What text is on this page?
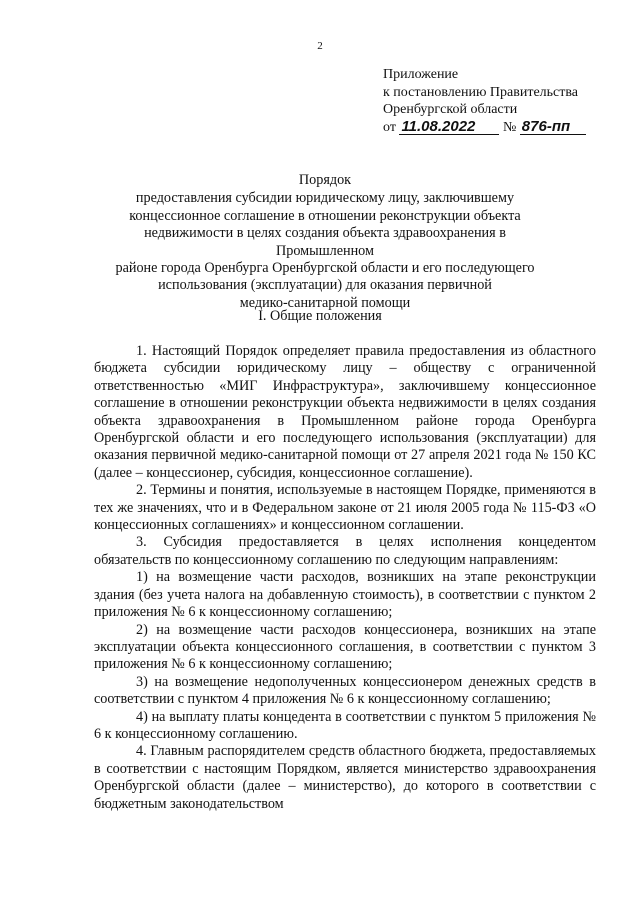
2
Приложение
к постановлению Правительства
Оренбургской области
от 11.08.2022 № 876-пп
Порядок
предоставления субсидии юридическому лицу, заключившему
концессионное соглашение в отношении реконструкции объекта
недвижимости в целях создания объекта здравоохранения в Промышленном
районе города Оренбурга Оренбургской области и его последующего
использования (эксплуатации) для оказания первичной
медико-санитарной помощи
I. Общие положения

1. Настоящий Порядок определяет правила предоставления из областного бюджета субсидии юридическому лицу – обществу с ограниченной ответственностью «МИГ Инфраструктура», заключившему концессионное соглашение в отношении реконструкции объекта недвижимости в целях создания объекта здравоохранения в Промышленном районе города Оренбурга Оренбургской области и его последующего использования (эксплуатации) для оказания первичной медико-санитарной помощи от 27 апреля 2021 года № 150 КС (далее – концессионер, субсидия, концессионное соглашение).

2. Термины и понятия, используемые в настоящем Порядке, применяются в тех же значениях, что и в Федеральном законе от 21 июля 2005 года № 115-ФЗ «О концессионных соглашениях» и концессионном соглашении.

3. Субсидия предоставляется в целях исполнения концедентом обязательств по концессионному соглашению по следующим направлениям:

1) на возмещение части расходов, возникших на этапе реконструкции здания (без учета налога на добавленную стоимость), в соответствии с пунктом 2 приложения № 6 к концессионному соглашению;

2) на возмещение части расходов концессионера, возникших на этапе эксплуатации объекта концессионного соглашения, в соответствии с пунктом 3 приложения № 6 к концессионному соглашению;

3) на возмещение недополученных концессионером денежных средств в соответствии с пунктом 4 приложения № 6 к концессионному соглашению;

4) на выплату платы концедента в соответствии с пунктом 5 приложения № 6 к концессионному соглашению.

4. Главным распорядителем средств областного бюджета, предоставляемых в соответствии с настоящим Порядком, является министерство здравоохранения Оренбургской области (далее – министерство), до которого в соответствии с бюджетным законодательством
